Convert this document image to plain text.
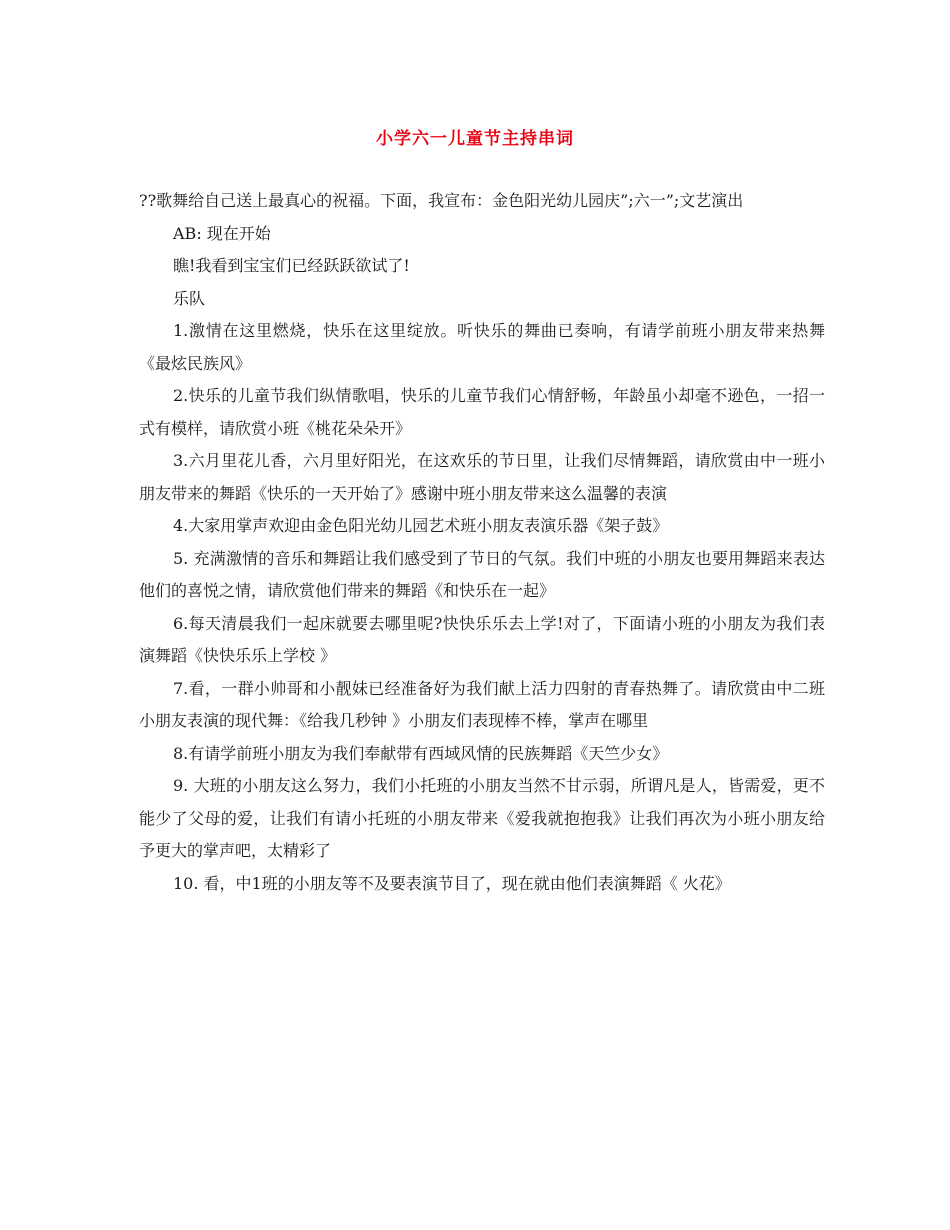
小学六一儿童节主持串词

??歌舞给自己送上最真心的祝福。下面，我宣布：金色阳光幼儿园庆”;六一”;文艺演出

AB: 现在开始

瞧!我看到宝宝们已经跃跃欲试了!

乐队

1.激情在这里燃烧，快乐在这里绽放。听快乐的舞曲已奏响，有请学前班小朋友带来热舞《最炫民族风》

2.快乐的儿童节我们纵情歌唱，快乐的儿童节我们心情舒畅，年龄虽小却毫不逊色，一招一式有模样，请欣赏小班《桃花朵朵开》

3.六月里花儿香，六月里好阳光，在这欢乐的节日里，让我们尽情舞蹈，请欣赏由中一班小朋友带来的舞蹈《快乐的一天开始了》感谢中班小朋友带来这么温馨的表演

4.大家用掌声欢迎由金色阳光幼儿园艺术班小朋友表演乐器《架子鼓》

5. 充满激情的音乐和舞蹈让我们感受到了节日的气氛。我们中班的小朋友也要用舞蹈来表达他们的喜悦之情，请欣赏他们带来的舞蹈《和快乐在一起》

6.每天清晨我们一起床就要去哪里呢?快快乐乐去上学!对了，下面请小班的小朋友为我们表演舞蹈《快快乐乐上学校 》

7.看，一群小帅哥和小靓妹已经准备好为我们献上活力四射的青春热舞了。请欣赏由中二班小朋友表演的现代舞：《给我几秒钟 》小朋友们表现棒不棒，掌声在哪里

8.有请学前班小朋友为我们奉献带有西域风情的民族舞蹈《天竺少女》

9. 大班的小朋友这么努力，我们小托班的小朋友当然不甘示弱，所谓凡是人，皆需爱，更不能少了父母的爱，让我们有请小托班的小朋友带来《爱我就抱抱我》让我们再次为小班小朋友给予更大的掌声吧，太精彩了

10. 看，中1班的小朋友等不及要表演节目了，现在就由他们表演舞蹈《 火花》
